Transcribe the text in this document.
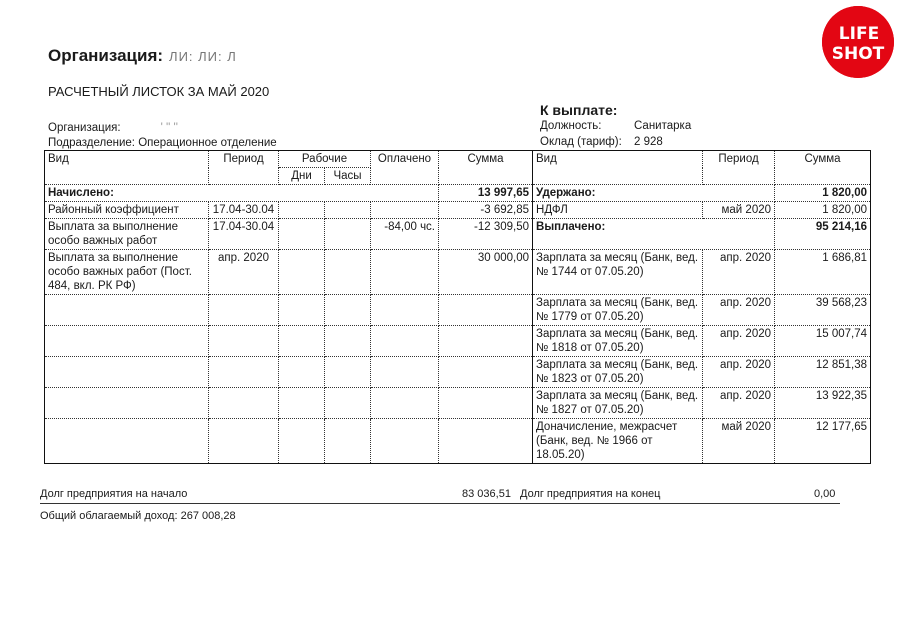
LIFE
SHOT
Организация: ЛИ: ЛИ: Л
РАСЧЕТНЫЙ ЛИСТОК ЗА МАЙ 2020
К выплате:
Организация:	' '' ''
Подразделение: Операционное отделение
Должность:	Санитарка
Оклад (тариф): 2 928
Вид	Период	Рабочие		Оплачено	Сумма	Вид	Период	Сумма
		Дни	Часы					
Начислено:					13 997,65	Удержано:		1 820,00
Районный коэффициент	17.04-30.04				-3 692,85	НДФЛ	май 2020	1 820,00
Выплата за выполнение особо важных работ	17.04-30.04			-84,00 чс.	-12 309,50	Выплачено:		95 214,16
Выплата за выполнение особо важных работ (Пост. 484, вкл. РК РФ)	апр. 2020				30 000,00	Зарплата за месяц (Банк, вед. № 1744 от 07.05.20)	апр. 2020	1 686,81
						Зарплата за месяц (Банк, вед. № 1779 от 07.05.20)	апр. 2020	39 568,23
						Зарплата за месяц (Банк, вед. № 1818 от 07.05.20)	апр. 2020	15 007,74
						Зарплата за месяц (Банк, вед. № 1823 от 07.05.20)	апр. 2020	12 851,38
						Зарплата за месяц (Банк, вед. № 1827 от 07.05.20)	апр. 2020	13 922,35
						Доначисление, межрасчет (Банк, вед. № 1966 от 18.05.20)	май 2020	12 177,65
Долг предприятия на начало	83 036,51 Долг предприятия на конец	0,00
Общий облагаемый доход: 267 008,28
